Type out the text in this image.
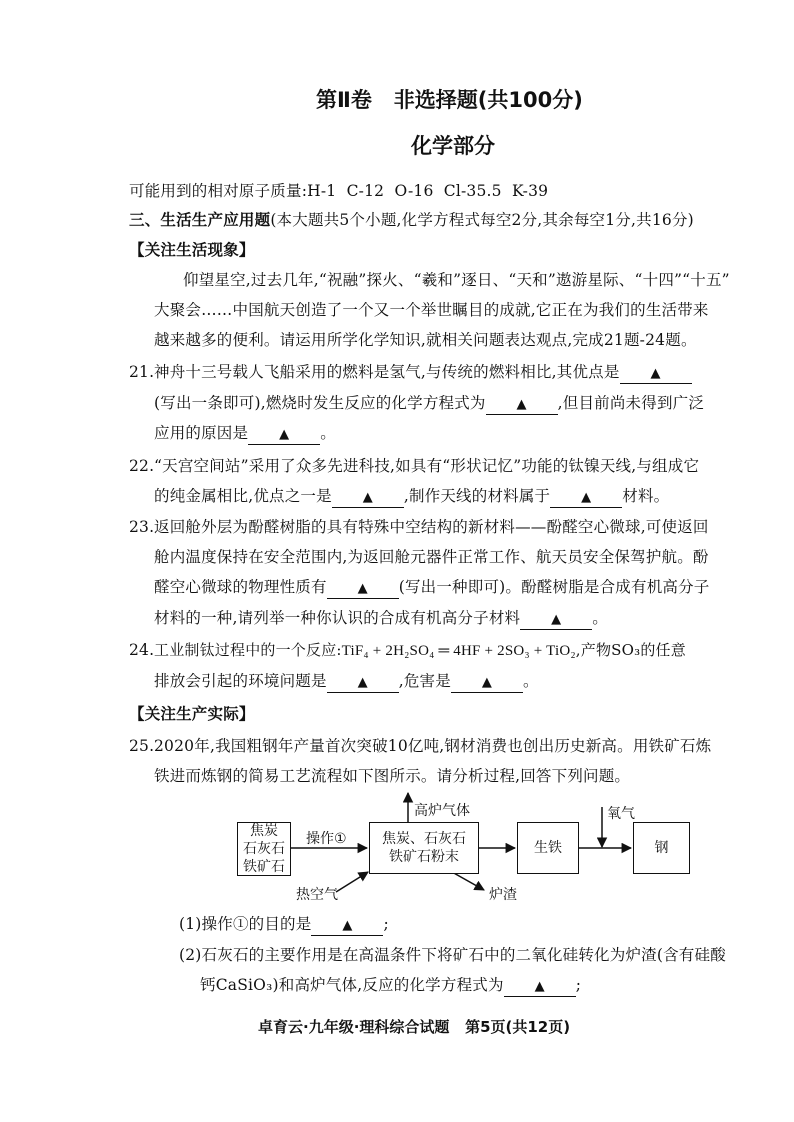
第Ⅱ卷   非选择题(共100分)
化学部分
可能用到的相对原子质量:H-1  C-12  O-16  Cl-35.5  K-39
三、生活生产应用题(本大题共5个小题,化学方程式每空2分,其余每空1分,共16分)
【关注生活现象】
仰望星空,过去几年,“祝融”探火、“羲和”逐日、“天和”遨游星际、“十四”“十五”
大聚会……中国航天创造了一个又一个举世瞩目的成就,它正在为我们的生活带来
越来越多的便利。请运用所学化学知识,就相关问题表达观点,完成21题-24题。
21. 神舟十三号载人飞船采用的燃料是氢气,与传统的燃料相比,其优点是 ▲
(写出一条即可),燃烧时发生反应的化学方程式为 ▲ ,但目前尚未得到广泛
应用的原因是 ▲ 。
22. “天宫空间站”采用了众多先进科技,如具有“形状记忆”功能的钛镍天线,与组成它
的纯金属相比,优点之一是 ▲ ,制作天线的材料属于 ▲ 材料。
23. 返回舱外层为酚醛树脂的具有特殊中空结构的新材料——酚醛空心微球,可使返回
舱内温度保持在安全范围内,为返回舱元器件正常工作、航天员安全保驾护航。酚
醛空心微球的物理性质有 ▲ (写出一种即可)。酚醛树脂是合成有机高分子
材料的一种,请列举一种你认识的合成有机高分子材料 ▲ 。
24. 工业制钛过程中的一个反应:TiF₄ + 2H₂SO₄ ═ 4HF + 2SO₃ + TiO₂,产物SO₃的任意
排放会引起的环境问题是 ▲ ,危害是 ▲ 。
【关注生产实际】
25. 2020年,我国粗钢年产量首次突破10亿吨,钢材消费也创出历史新高。用铁矿石炼
铁进而炼钢的简易工艺流程如下图所示。请分析过程,回答下列问题。
焦炭
石灰石
铁矿石
操作①	焦炭、石灰石
铁矿石粉末
高炉气体
热空气	炉渣
生铁
氧气
钢
(1)操作①的目的是 ▲ ;
(2)石灰石的主要作用是在高温条件下将矿石中的二氧化硅转化为炉渣(含有硅酸
钙CaSiO₃)和高炉气体,反应的化学方程式为 ▲ ;
卓育云·九年级·理科综合试题   第5页(共12页)
